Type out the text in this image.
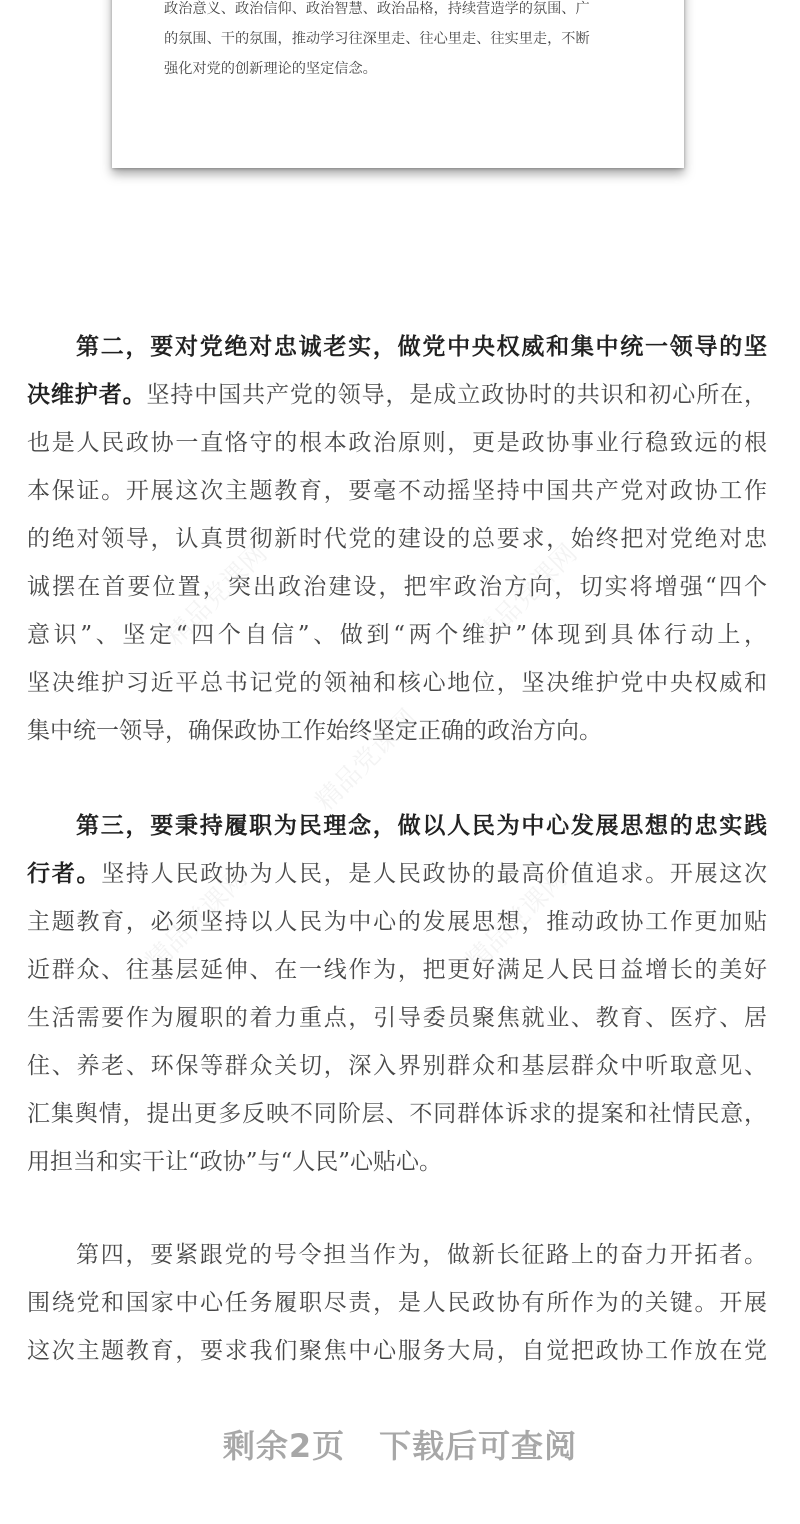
政治意义、政治信仰、政治智慧、政治品格，持续营造学的氛围、广
的氛围、干的氛围，推动学习往深里走、往心里走、往实里走，不断
强化对党的创新理论的坚定信念。

精品党课网	精品党课网
精品党课网
精品党课网	精品党课网
第二，要对党绝对忠诚老实，做党中央权威和集中统一领导的坚
决维护者。坚持中国共产党的领导，是成立政协时的共识和初心所在，
也是人民政协一直恪守的根本政治原则，更是政协事业行稳致远的根
本保证。开展这次主题教育，要毫不动摇坚持中国共产党对政协工作
的绝对领导，认真贯彻新时代党的建设的总要求，始终把对党绝对忠
诚摆在首要位置，突出政治建设，把牢政治方向，切实将增强“四个
意识”、坚定“四个自信”、做到“两个维护”体现到具体行动上，
坚决维护习近平总书记党的领袖和核心地位，坚决维护党中央权威和
集中统一领导，确保政协工作始终坚定正确的政治方向。
第三，要秉持履职为民理念，做以人民为中心发展思想的忠实践
行者。坚持人民政协为人民，是人民政协的最高价值追求。开展这次
主题教育，必须坚持以人民为中心的发展思想，推动政协工作更加贴
近群众、往基层延伸、在一线作为，把更好满足人民日益增长的美好
生活需要作为履职的着力重点，引导委员聚焦就业、教育、医疗、居
住、养老、环保等群众关切，深入界别群众和基层群众中听取意见、
汇集舆情，提出更多反映不同阶层、不同群体诉求的提案和社情民意，
用担当和实干让“政协”与“人民”心贴心。
第四，要紧跟党的号令担当作为，做新长征路上的奋力开拓者。
围绕党和国家中心任务履职尽责，是人民政协有所作为的关键。开展
这次主题教育，要求我们聚焦中心服务大局，自觉把政协工作放在党
剩余2页 下载后可查阅
